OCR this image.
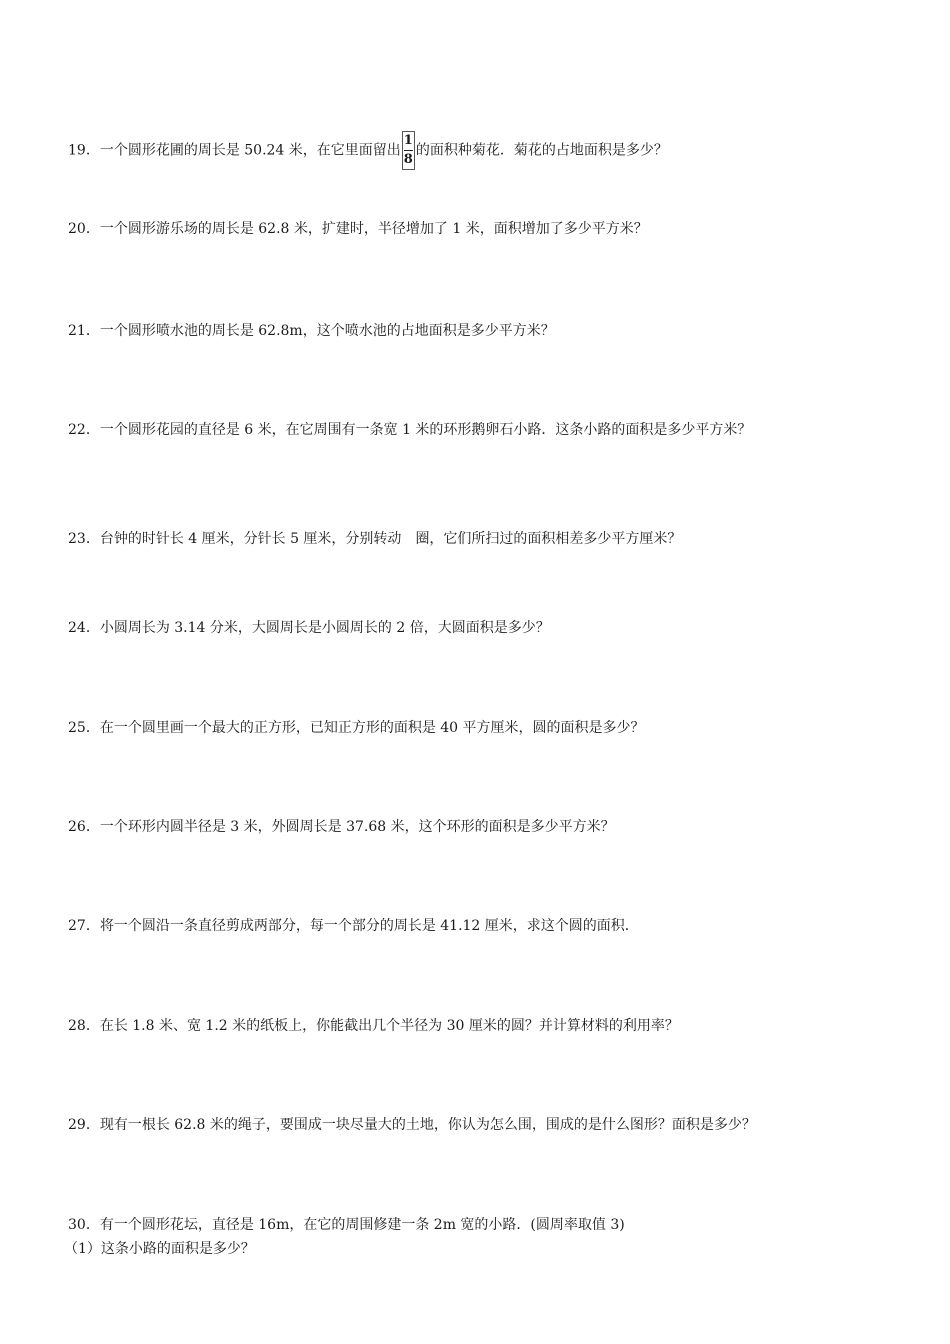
19．一个圆形花圃的周长是 50.24 米，在它里面留出 $\frac{1}{8}$ 的面积种菊花．菊花的占地面积是多少？
20．一个圆形游乐场的周长是 62.8 米，扩建时，半径增加了 1 米，面积增加了多少平方米？
21．一个圆形喷水池的周长是 62.8m，这个喷水池的占地面积是多少平方米？
22．一个圆形花园的直径是 6 米，在它周围有一条宽 1 米的环形鹅卵石小路．这条小路的面积是多少平方米？
23．台钟的时针长 4 厘米，分针长 5 厘米，分别转动 圈，它们所扫过的面积相差多少平方厘米？
24．小圆周长为 3.14 分米，大圆周长是小圆周长的 2 倍，大圆面积是多少？
25．在一个圆里画一个最大的正方形，已知正方形的面积是 40 平方厘米，圆的面积是多少？
26．一个环形内圆半径是 3 米，外圆周长是 37.68 米，这个环形的面积是多少平方米？
27．将一个圆沿一条直径剪成两部分，每一个部分的周长是 41.12 厘米，求这个圆的面积．
28．在长 1.8 米、宽 1.2 米的纸板上，你能截出几个半径为 30 厘米的圆？并计算材料的利用率？
29．现有一根长 62.8 米的绳子，要围成一块尽量大的土地，你认为怎么围，围成的是什么图形？面积是多少？
30．有一个圆形花坛，直径是 16m，在它的周围修建一条 2m 宽的小路．(圆周率取值 3)
（1）这条小路的面积是多少？
